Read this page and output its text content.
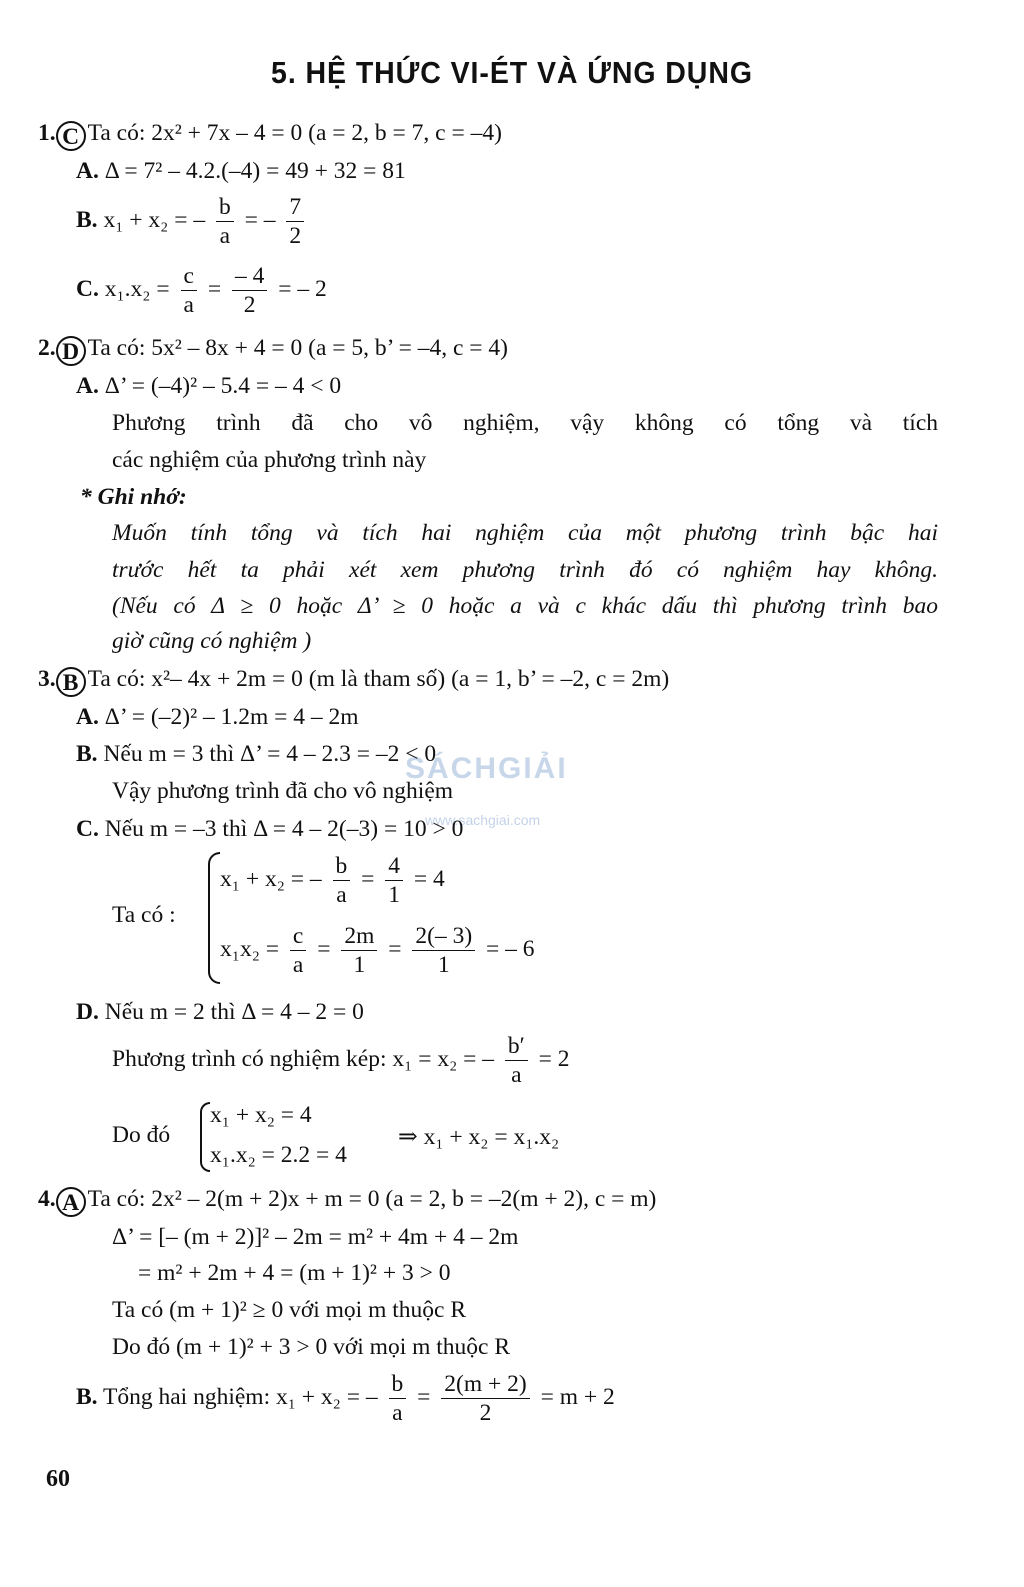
5. HỆ THỨC VI-ÉT VÀ ỨNG DỤNG
SÁCHGIẢI
www.sachgiai.com
1. C Ta có: 2x² + 7x – 4 = 0 (a = 2, b = 7, c = –4)
A. Δ = 7² – 4.2.(–4) = 49 + 32 = 81
B. x₁ + x₂ = – $\frac{b}{a}$ = – $\frac{7}{2}$
C. $x_1.x_2 = \frac{c}{a} = \frac{- 4}{2}$ = – 2
2. D Ta có: 5x² – 8x + 4 = 0 (a = 5, b’ = –4, c = 4)
A. Δ’ = (–4)² – 5.4 = – 4 < 0
Phương trình đã cho vô nghiệm, vậy không có tổng và tích
các nghiệm của phương trình này
* Ghi nhớ:
Muốn tính tổng và tích hai nghiệm của một phương trình bậc hai
trước hết ta phải xét xem phương trình đó có nghiệm hay không.
(Nếu có Δ ≥ 0 hoặc Δ’ ≥ 0 hoặc a và c khác dấu thì phương trình bao
giờ cũng có nghiệm )
3. B Ta có: x²– 4x + 2m = 0 (m là tham số) (a = 1, b’ = –2, c = 2m)
A. Δ’ = (–2)² – 1.2m = 4 – 2m
B. Nếu m = 3 thì Δ’ = 4 – 2.3 = –2 < 0
Vậy phương trình đã cho vô nghiệm
C. Nếu m = –3 thì Δ = 4 – 2(–3) = 10 > 0
Ta có :
x₁ + x₂ = – $\frac{b}{a} = \frac{4}{1} = 4$
$x_1x_2 = \frac{c}{a} = \frac{2m}{1} = \frac{2(- 3)}{1}$ = – 6
D. Nếu m = 2 thì Δ = 4 – 2 = 0
Phương trình có nghiệm kép: x₁ = x₂ = – $\frac{b'}{a} = 2$
Do đó
x₁ + x₂ = 4
x₁.x₂ = 2.2 = 4
⇒ x₁ + x₂ = x₁.x₂
4. A Ta có: 2x² – 2(m + 2)x + m = 0 (a = 2, b = –2(m + 2), c = m)
Δ’ = [– (m + 2)]² – 2m = m² + 4m + 4 – 2m
= m² + 2m + 4 = (m + 1)² + 3 > 0
Ta có (m + 1)² ≥ 0 với mọi m thuộc R
Do đó (m + 1)² + 3 > 0 với mọi m thuộc R
B. Tổng hai nghiệm: x₁ + x₂ = – $\frac{b}{a} = \frac{2(m + 2)}{2} = m + 2$
60
